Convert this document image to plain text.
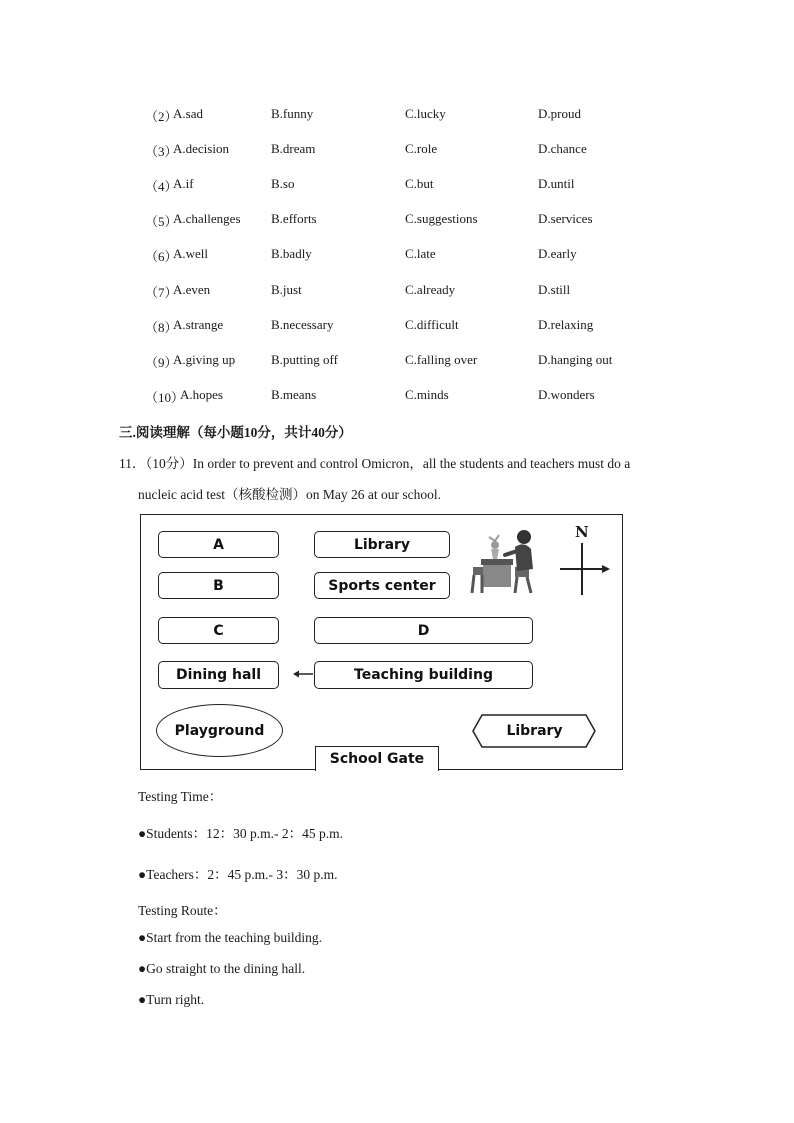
（2）
A.sad	B.funny	C.lucky	D.proud
（3）
A.decision	B.dream	C.role	D.chance
（4）
A.if	B.so	C.but	D.until
（5）
A.challenges B.efforts	C.suggestions	D.services
（6）
A.well	B.badly	C.late	D.early
（7）
A.even	B.just	C.already	D.still
（8）
A.strange	B.necessary	C.difficult	D.relaxing
（9）
A.giving up	B.putting off	C.falling over	D.hanging out
（10）
A.hopes	B.means	C.minds	D.wonders
三.阅读理解（每小题10分，共计40分）
11．（10分）In order to prevent and control Omicron，all the students and teachers must do a
nucleic acid test（核酸检测）on May 26 at our school.
A	Library
B	Sports center
C	D
Dining hall	Teaching building
Playground
School Gate
Library
N
Testing Time：
●Students：12：30 p.m.- 2：45 p.m.
●Teachers：2：45 p.m.- 3：30 p.m.
Testing Route：
●Start from the teaching building.
●Go straight to the dining hall.
●Turn right.
